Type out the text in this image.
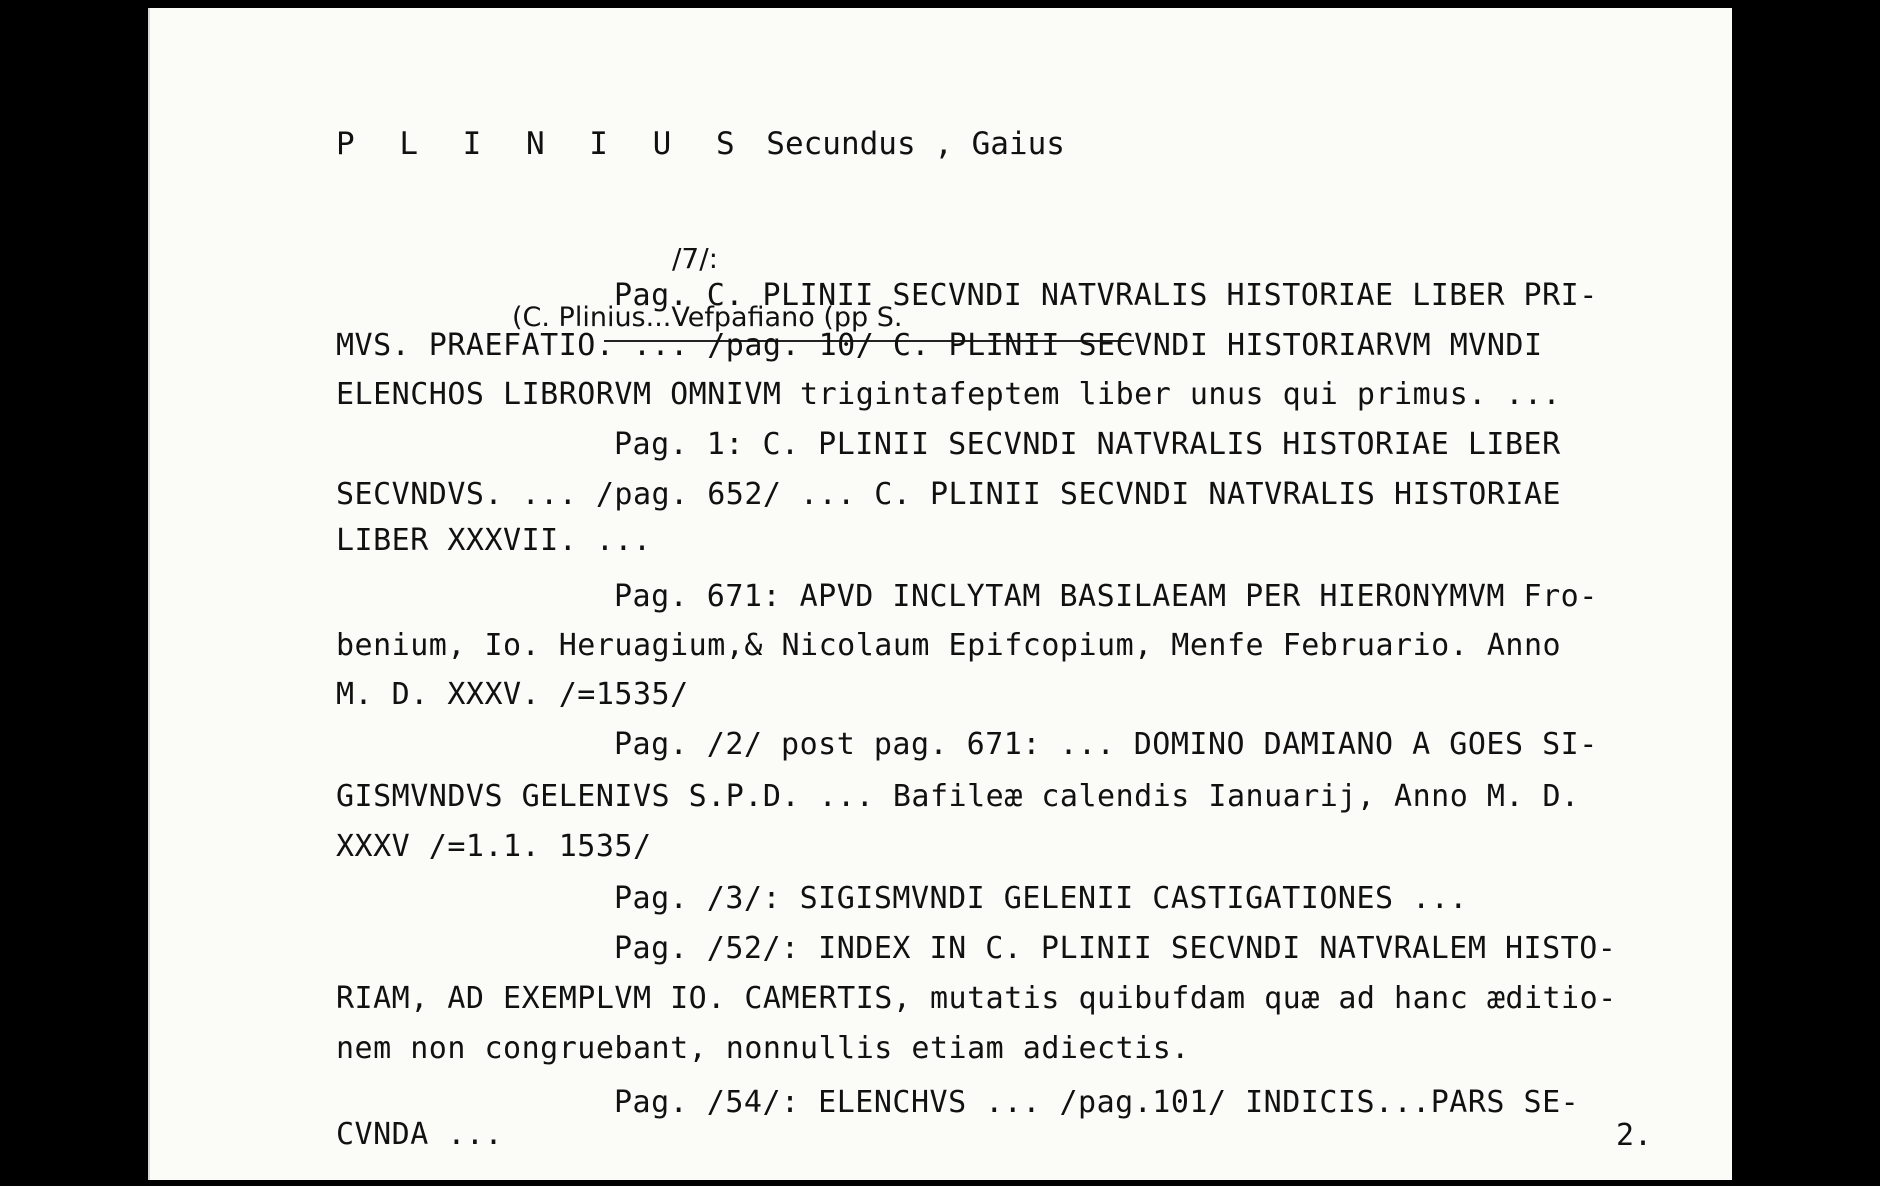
P L I N I U S Secundus , Gaius
/7/:
(C. Plinius...Vefpafiano (pp S.

Pag. C. PLINII SECVNDI NATVRALIS HISTORIAE LIBER PRI-

MVS. PRAEFATIO. ... /pag. 10/ C. PLINII SECVNDI HISTORIARVM MVNDI

ELENCHOS LIBRORVM OMNIVM trigintafeptem liber unus qui primus. ...

Pag. 1: C. PLINII SECVNDI NATVRALIS HISTORIAE LIBER

SECVNDVS. ... /pag. 652/ ... C. PLINII SECVNDI NATVRALIS HISTORIAE

LIBER XXXVII. ...

Pag. 671: APVD INCLYTAM BASILAEAM PER HIERONYMVM Fro-

benium, Io. Heruagium,& Nicolaum Epifcopium, Menfe Februario. Anno

M. D. XXXV. /=1535/

Pag. /2/ post pag. 671: ... DOMINO DAMIANO A GOES SI-

GISMVNDVS GELENIVS S.P.D. ... Bafileæ calendis Ianuarij, Anno M. D.

XXXV /=1.1. 1535/

Pag. /3/: SIGISMVNDI GELENII CASTIGATIONES ...

Pag. /52/: INDEX IN C. PLINII SECVNDI NATVRALEM HISTO-

RIAM, AD EXEMPLVM IO. CAMERTIS, mutatis quibufdam quæ ad hanc æditio-

nem non congruebant, nonnullis etiam adiectis.

Pag. /54/: ELENCHVS ... /pag.101/ INDICIS...PARS SE-

CVNDA ...	2.
